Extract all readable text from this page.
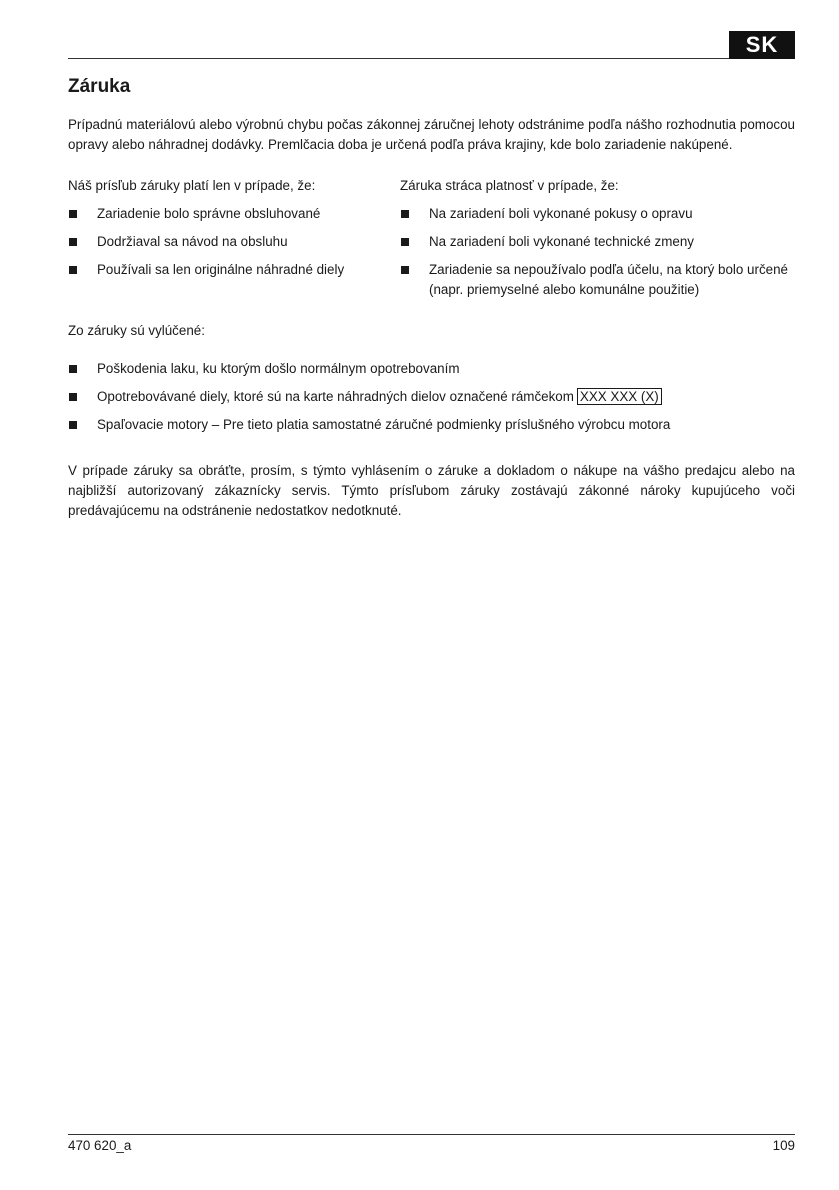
SK
Záruka

Prípadnú materiálovú alebo výrobnú chybu počas zákonnej záručnej lehoty odstránime podľa nášho rozhodnutia pomocou opravy alebo náhradnej dodávky. Premlčacia doba je určená podľa práva krajiny, kde bolo zariadenie nakúpené.

Náš prísľub záruky platí len v prípade, že:

Zariadenie bolo správne obsluhované
Dodržiaval sa návod na obsluhu
Používali sa len originálne náhradné diely

Záruka stráca platnosť v prípade, že:

Na zariadení boli vykonané pokusy o opravu
Na zariadení boli vykonané technické zmeny
Zariadenie sa nepoužívalo podľa účelu, na ktorý bolo určené (napr. priemyselné alebo komunálne použitie)

Zo záruky sú vylúčené:

Poškodenia laku, ku ktorým došlo normálnym opotrebovaním
Opotrebovávané diely, ktoré sú na karte náhradných dielov označené rámčekom XXX XXX (X)
Spaľovacie motory – Pre tieto platia samostatné záručné podmienky príslušného výrobcu motora

V prípade záruky sa obráťte, prosím, s týmto vyhlásením o záruke a dokladom o nákupe na vášho predajcu alebo na najbližší autorizovaný zákaznícky servis. Týmto prísľubom záruky zostávajú zákonné nároky kupujúceho voči predávajúcemu na odstránenie nedostatkov nedotknuté.

470 620_a	109
